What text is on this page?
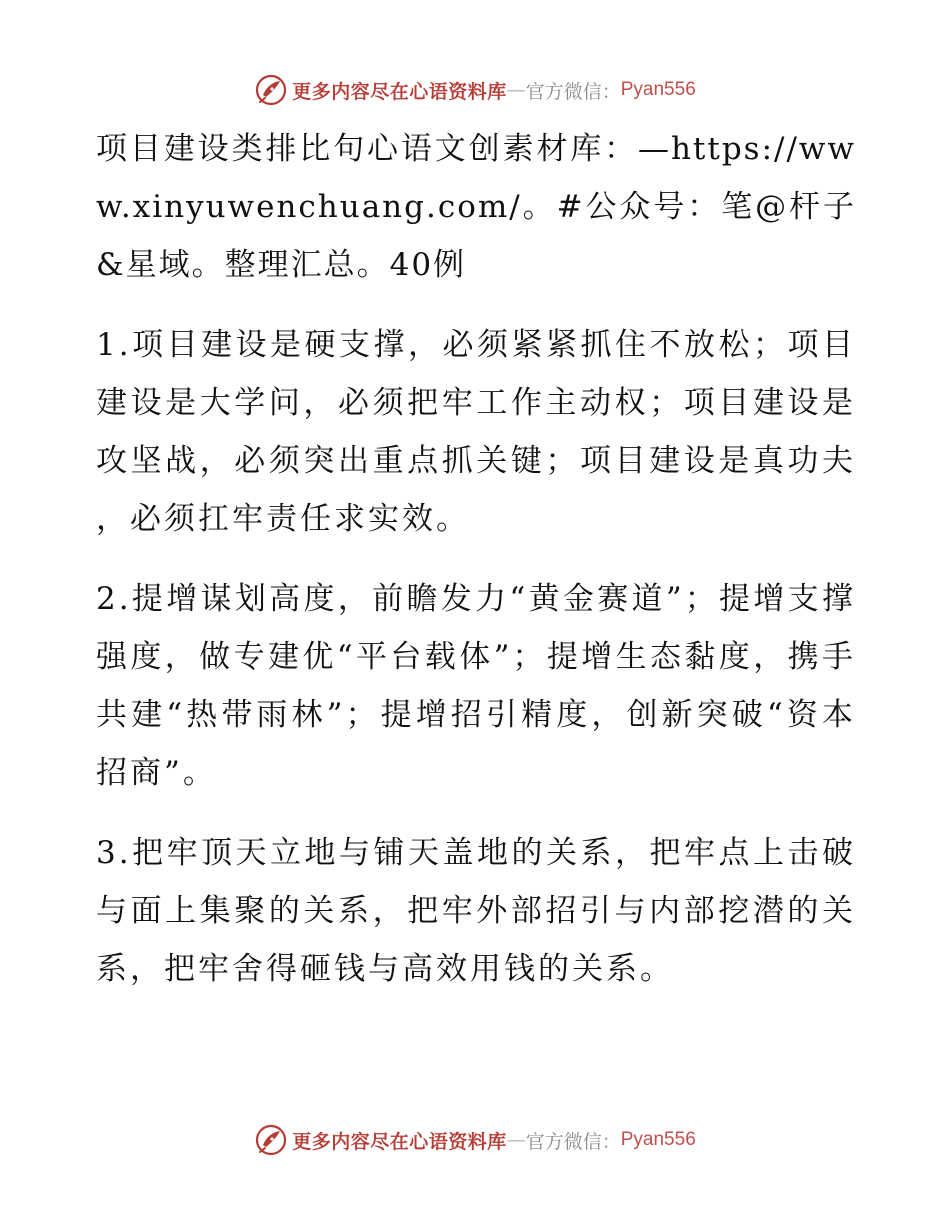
更多内容尽在心语资料库 — 官方微信： Pyan556

项目建设类排比句心语文创素材库：—https://www.xinyuwenchuang.com/。#公众号：笔@杆子&星域。整理汇总。40例

1.项目建设是硬支撑，必须紧紧抓住不放松；项目建设是大学问，必须把牢工作主动权；项目建设是攻坚战，必须突出重点抓关键；项目建设是真功夫，必须扛牢责任求实效。

2.提增谋划高度，前瞻发力“黄金赛道”；提增支撑强度，做专建优“平台载体”；提增生态黏度，携手共建“热带雨林”；提增招引精度，创新突破“资本招商”。

3.把牢顶天立地与铺天盖地的关系，把牢点上击破与面上集聚的关系，把牢外部招引与内部挖潜的关系，把牢舍得砸钱与高效用钱的关系。

更多内容尽在心语资料库 — 官方微信： Pyan556
